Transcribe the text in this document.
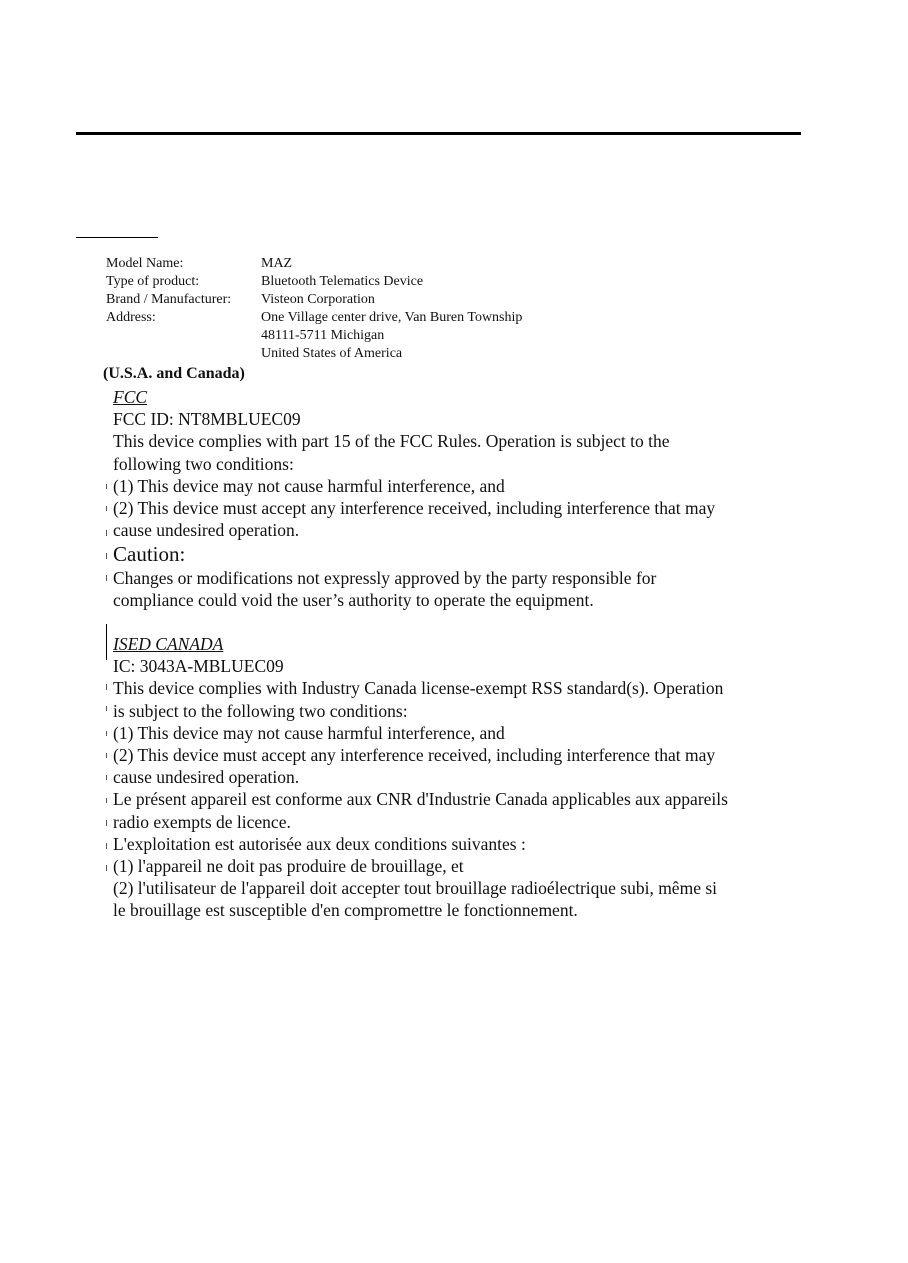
Model Name:	MAZ
Type of product:	Bluetooth Telematics Device
Brand / Manufacturer:	Visteon Corporation
Address:	One Village center drive, Van Buren Township
48111-5711 Michigan
United States of America
(U.S.A. and Canada)
FCC
FCC ID: NT8MBLUEC09
This device complies with part 15 of the FCC Rules. Operation is subject to the
following two conditions:
(1) This device may not cause harmful interference, and
(2) This device must accept any interference received, including interference that may
cause undesired operation.
Caution:
Changes or modifications not expressly approved by the party responsible for
compliance could void the user’s authority to operate the equipment.
ISED CANADA
IC: 3043A-MBLUEC09
This device complies with Industry Canada license-exempt RSS standard(s). Operation
is subject to the following two conditions:
(1) This device may not cause harmful interference, and
(2) This device must accept any interference received, including interference that may
cause undesired operation.
Le présent appareil est conforme aux CNR d'Industrie Canada applicables aux appareils
radio exempts de licence.
L'exploitation est autorisée aux deux conditions suivantes :
(1) l'appareil ne doit pas produire de brouillage, et
(2) l'utilisateur de l'appareil doit accepter tout brouillage radioélectrique subi, même si
le brouillage est susceptible d'en compromettre le fonctionnement.
